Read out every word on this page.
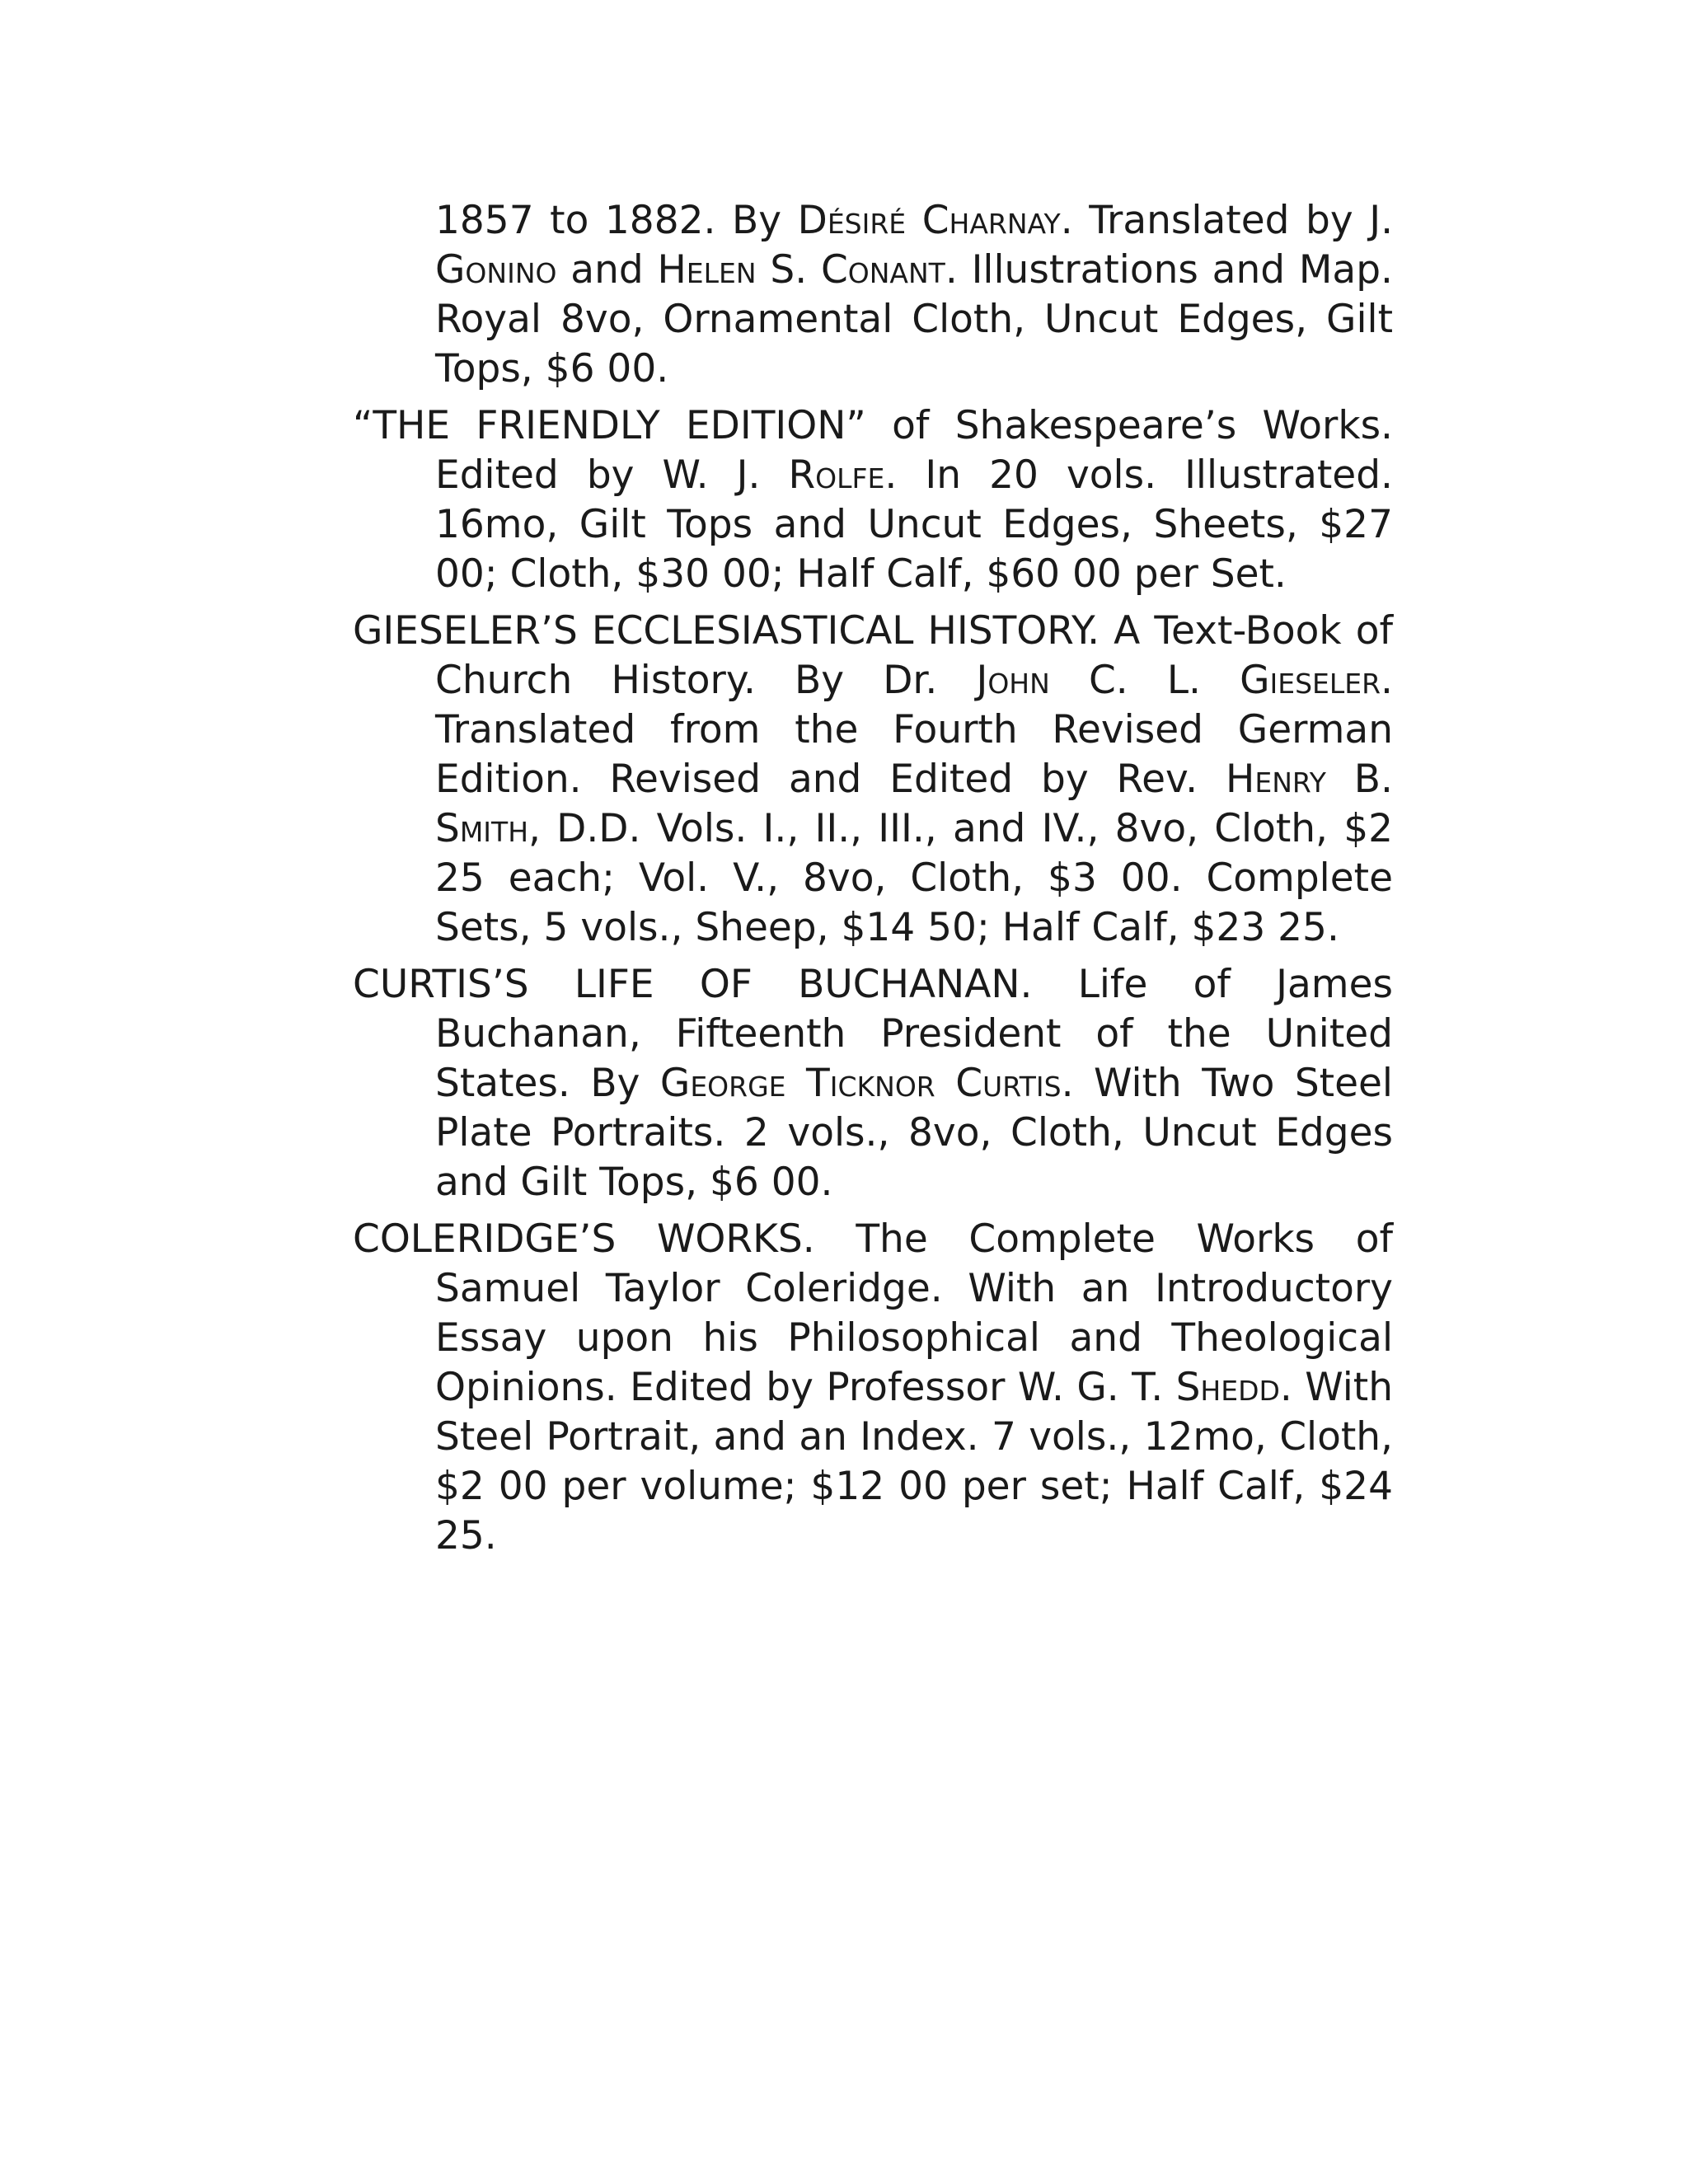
1857 to 1882. By Désiré Charnay. Translated by J. Gonino and Helen S. Conant. Illustrations and Map. Royal 8vo, Ornamental Cloth, Uncut Edges, Gilt Tops, $6 00.

“THE FRIENDLY EDITION” of Shakespeare’s Works. Edited by W. J. Rolfe. In 20 vols. Illustrated. 16mo, Gilt Tops and Uncut Edges, Sheets, $27 00; Cloth, $30 00; Half Calf, $60 00 per Set.

GIESELER’S ECCLESIASTICAL HISTORY. A Text-Book of Church History. By Dr. John C. L. Gieseler. Translated from the Fourth Revised German Edition. Revised and Edited by Rev. Henry B. Smith, D.D. Vols. I., II., III., and IV., 8vo, Cloth, $2 25 each; Vol. V., 8vo, Cloth, $3 00. Complete Sets, 5 vols., Sheep, $14 50; Half Calf, $23 25.

CURTIS’S LIFE OF BUCHANAN. Life of James Buchanan, Fifteenth President of the United States. By George Ticknor Curtis. With Two Steel Plate Portraits. 2 vols., 8vo, Cloth, Uncut Edges and Gilt Tops, $6 00.

COLERIDGE’S WORKS. The Complete Works of Samuel Taylor Coleridge. With an Introductory Essay upon his Philosophical and Theological Opinions. Edited by Professor W. G. T. Shedd. With Steel Portrait, and an Index. 7 vols., 12mo, Cloth, $2 00 per volume; $12 00 per set; Half Calf, $24 25.
